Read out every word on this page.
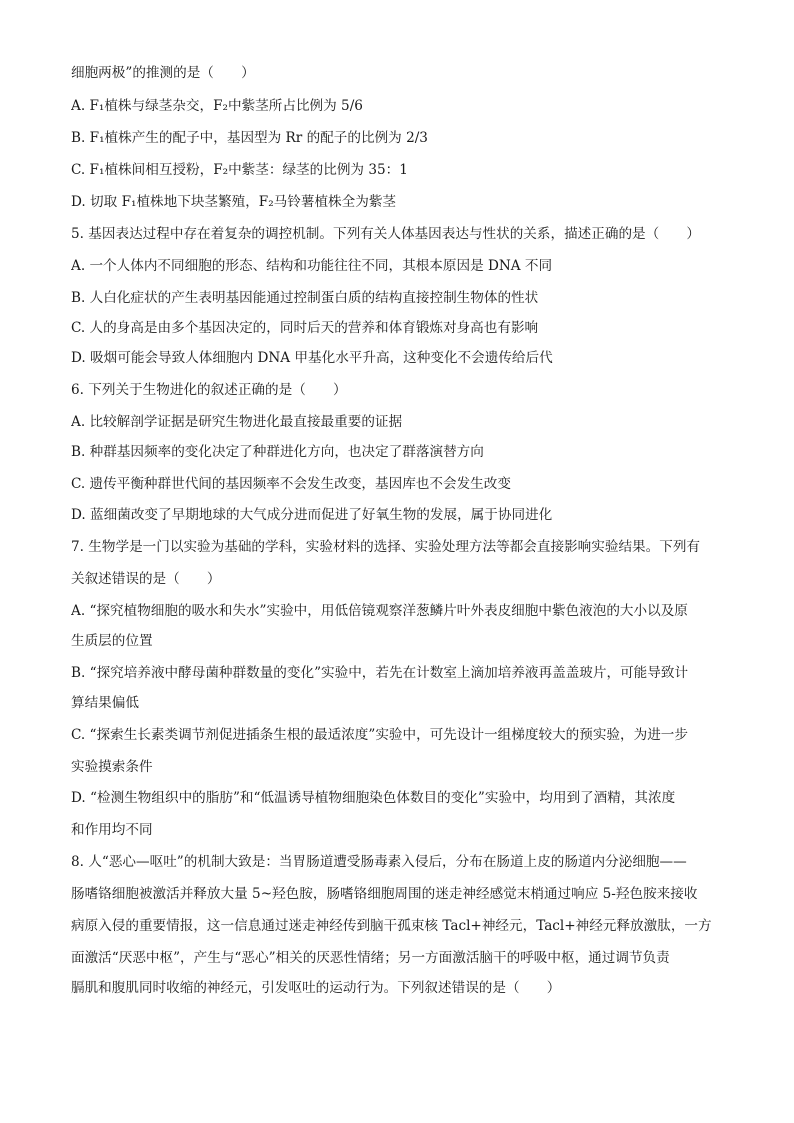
细胞两极”的推测的是（　　）
A. F₁植株与绿茎杂交，F₂中紫茎所占比例为 5/6
B. F₁植株产生的配子中，基因型为 Rr 的配子的比例为 2/3
C. F₁植株间相互授粉，F₂中紫茎：绿茎的比例为 35：1
D. 切取 F₁植株地下块茎繁殖，F₂马铃薯植株全为紫茎
5. 基因表达过程中存在着复杂的调控机制。下列有关人体基因表达与性状的关系，描述正确的是（　　）
A. 一个人体内不同细胞的形态、结构和功能往往不同，其根本原因是 DNA 不同
B. 人白化症状的产生表明基因能通过控制蛋白质的结构直接控制生物体的性状
C. 人的身高是由多个基因决定的，同时后天的营养和体育锻炼对身高也有影响
D. 吸烟可能会导致人体细胞内 DNA 甲基化水平升高，这种变化不会遗传给后代
6. 下列关于生物进化的叙述正确的是（　　）
A. 比较解剖学证据是研究生物进化最直接最重要的证据
B. 种群基因频率的变化决定了种群进化方向，也决定了群落演替方向
C. 遗传平衡种群世代间的基因频率不会发生改变，基因库也不会发生改变
D. 蓝细菌改变了早期地球的大气成分进而促进了好氧生物的发展，属于协同进化
7. 生物学是一门以实验为基础的学科，实验材料的选择、实验处理方法等都会直接影响实验结果。下列有
关叙述错误的是（　　）
A. “探究植物细胞的吸水和失水”实验中，用低倍镜观察洋葱鳞片叶外表皮细胞中紫色液泡的大小以及原
生质层的位置
B. “探究培养液中酵母菌种群数量的变化”实验中，若先在计数室上滴加培养液再盖盖玻片，可能导致计
算结果偏低
C. “探索生长素类调节剂促进插条生根的最适浓度”实验中，可先设计一组梯度较大的预实验，为进一步
实验摸索条件
D. “检测生物组织中的脂肪”和“低温诱导植物细胞染色体数目的变化”实验中，均用到了酒精，其浓度
和作用均不同
8. 人“恶心—呕吐”的机制大致是：当胃肠道遭受肠毒素入侵后，分布在肠道上皮的肠道内分泌细胞——
肠嗜铬细胞被激活并释放大量 5~羟色胺，肠嗜铬细胞周围的迷走神经感觉末梢通过响应 5-羟色胺来接收
病原入侵的重要情报，这一信息通过迷走神经传到脑干孤束核 Tacl+神经元，Tacl+神经元释放激肽，一方
面激活“厌恶中枢”，产生与“恶心”相关的厌恶性情绪；另一方面激活脑干的呼吸中枢，通过调节负责
膈肌和腹肌同时收缩的神经元，引发呕吐的运动行为。下列叙述错误的是（　　）
